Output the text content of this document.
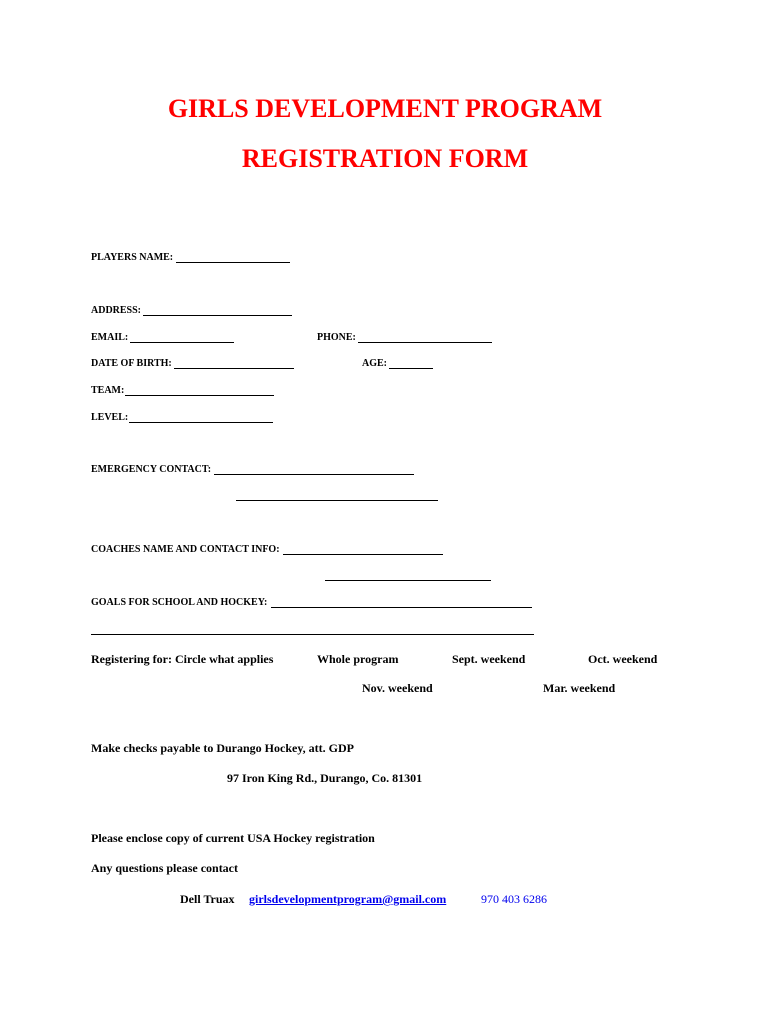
GIRLS DEVELOPMENT PROGRAM
REGISTRATION FORM
PLAYERS NAME:
ADDRESS:
EMAIL:	PHONE:
DATE OF BIRTH:	AGE:
TEAM:
LEVEL:
EMERGENCY CONTACT:
COACHES NAME AND CONTACT INFO:
GOALS FOR SCHOOL AND HOCKEY:
Registering for: Circle what applies	Whole program	Sept. weekend	Oct. weekend
Nov. weekend	Mar. weekend
Make checks payable to Durango Hockey, att. GDP
97 Iron King Rd., Durango, Co. 81301
Please enclose copy of current USA Hockey registration
Any questions please contact
Dell Truax girlsdevelopmentprogram@gmail.com	970 403 6286
